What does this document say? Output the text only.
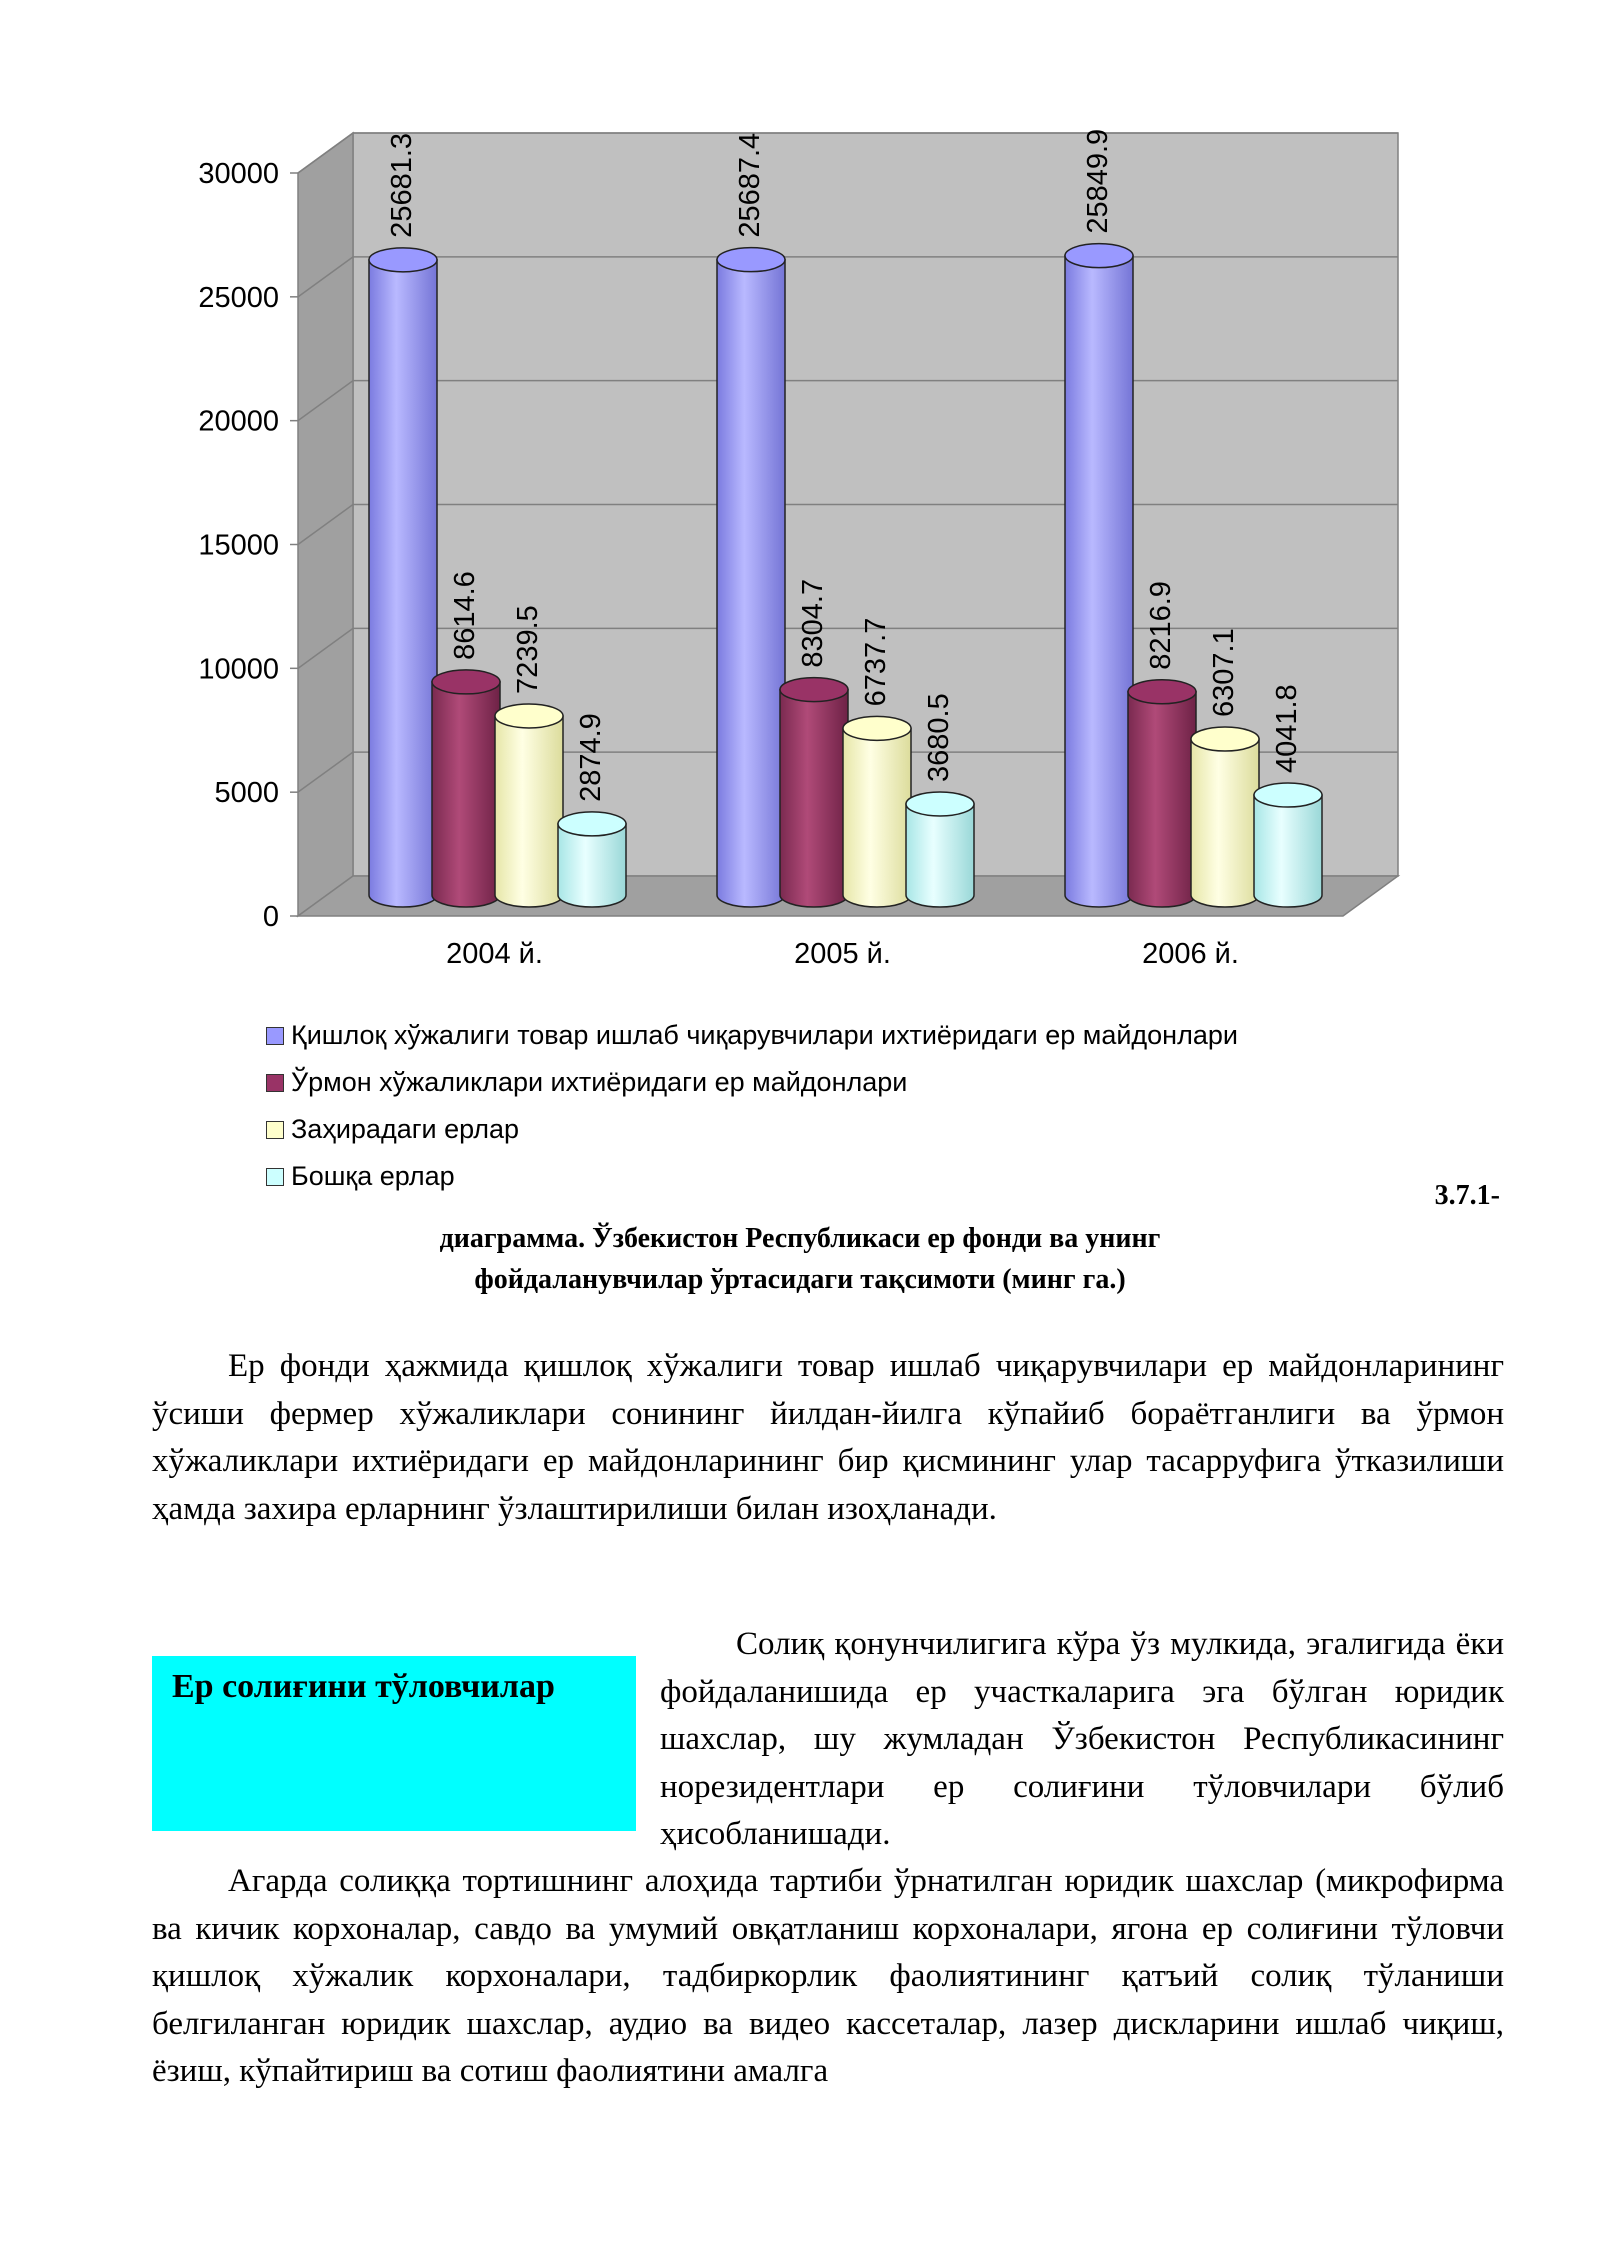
0
5000
10000
15000
20000
25000
30000	25681.3
8614.6 7239.5
2874.9
25687.4
8304.7 6737.7
3680.5
25849.9
8216.9
6307.1
4041.8
2004 й.	2005 й.	2006 й.
Қишлоқ хўжалиги товар ишлаб чиқарувчилари ихтиёридаги ер майдонлари
Ўрмон хўжаликлари ихтиёридаги ер майдонлари
Заҳирадаги ерлар
Бошқа ерлар
3.7.1-
диаграмма. Ўзбекистон Республикаси ер фонди ва унинг
фойдаланувчилар ўртасидаги тақсимоти (минг га.)

Ер фонди ҳажмида қишлоқ хўжалиги товар ишлаб чиқарувчилари ер майдонларининг ўсиши фермер хўжаликлари сонининг йилдан-йилга кўпайиб бораётганлиги ва ўрмон хўжаликлари ихтиёридаги ер майдонларининг бир қисмининг улар тасарруфига ўтказилиши ҳамда захира ерларнинг ўзлаштирилиши билан изоҳланади.

Ер солиғини тўловчилар

Солиқ қонунчилигига кўра ўз мулкида, эгалигида ёки фойдаланишида ер участкаларига эга бўлган юридик шахслар, шу жумладан Ўзбекистон Республикасининг норезидентлари ер солиғини тўловчилари бўлиб ҳисобланишади.

Агарда солиққа тортишнинг алоҳида тартиби ўрнатилган юридик шахслар (микрофирма ва кичик корхоналар, савдо ва умумий овқатланиш корхоналари, ягона ер солиғини тўловчи қишлоқ хўжалик корхоналари, тадбиркорлик фаолиятининг қатъий солиқ тўланиши белгиланган юридик шахслар, аудио ва видео кассеталар, лазер дискларини ишлаб чиқиш, ёзиш, кўпайтириш ва сотиш фаолиятини амалга
